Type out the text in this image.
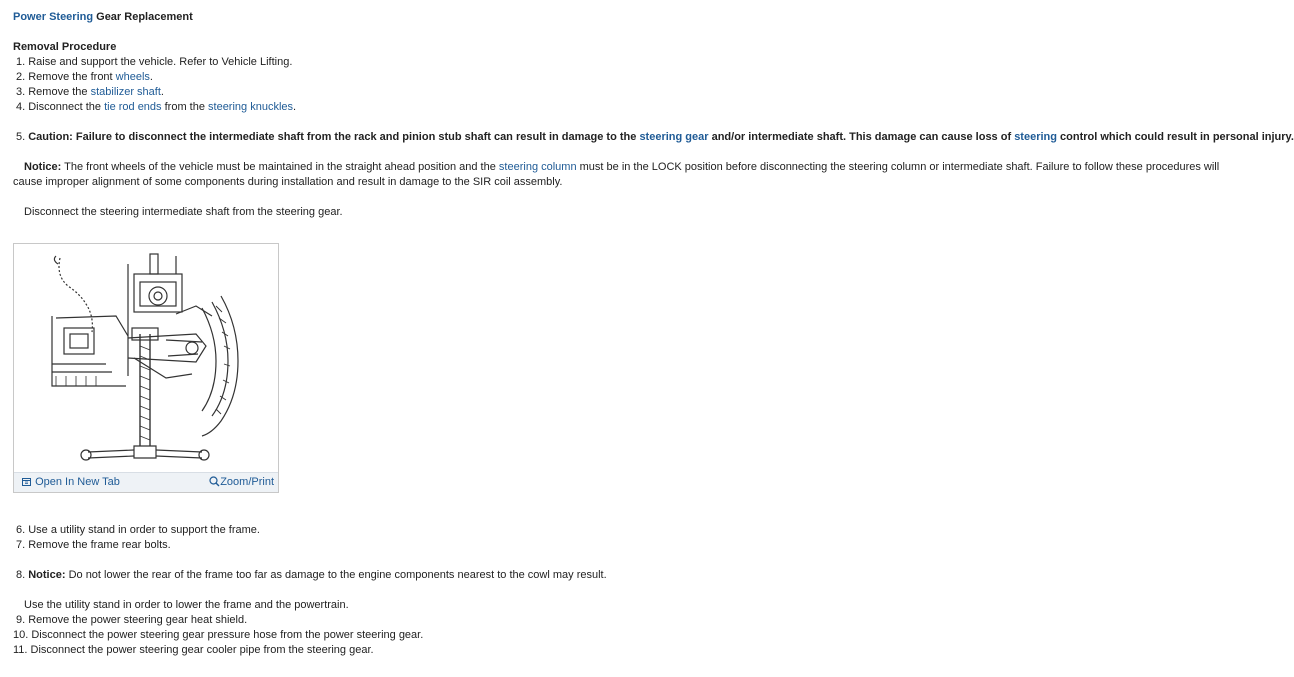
Power Steering Gear Replacement
Removal Procedure
1. Raise and support the vehicle. Refer to Vehicle Lifting.
2. Remove the front wheels.
3. Remove the stabilizer shaft.
4. Disconnect the tie rod ends from the steering knuckles.
5. Caution: Failure to disconnect the intermediate shaft from the rack and pinion stub shaft can result in damage to the steering gear and/or intermediate shaft. This damage can cause loss of steering control which could result in personal injury.
Notice: The front wheels of the vehicle must be maintained in the straight ahead position and the steering column must be in the LOCK position before disconnecting the steering column or intermediate shaft. Failure to follow these procedures will cause improper alignment of some components during installation and result in damage to the SIR coil assembly.
Disconnect the steering intermediate shaft from the steering gear.
Open In New Tab	Zoom/Print
6. Use a utility stand in order to support the frame.
7. Remove the frame rear bolts.
8. Notice: Do not lower the rear of the frame too far as damage to the engine components nearest to the cowl may result.
Use the utility stand in order to lower the frame and the powertrain.
9. Remove the power steering gear heat shield.
10. Disconnect the power steering gear pressure hose from the power steering gear.
11. Disconnect the power steering gear cooler pipe from the steering gear.
